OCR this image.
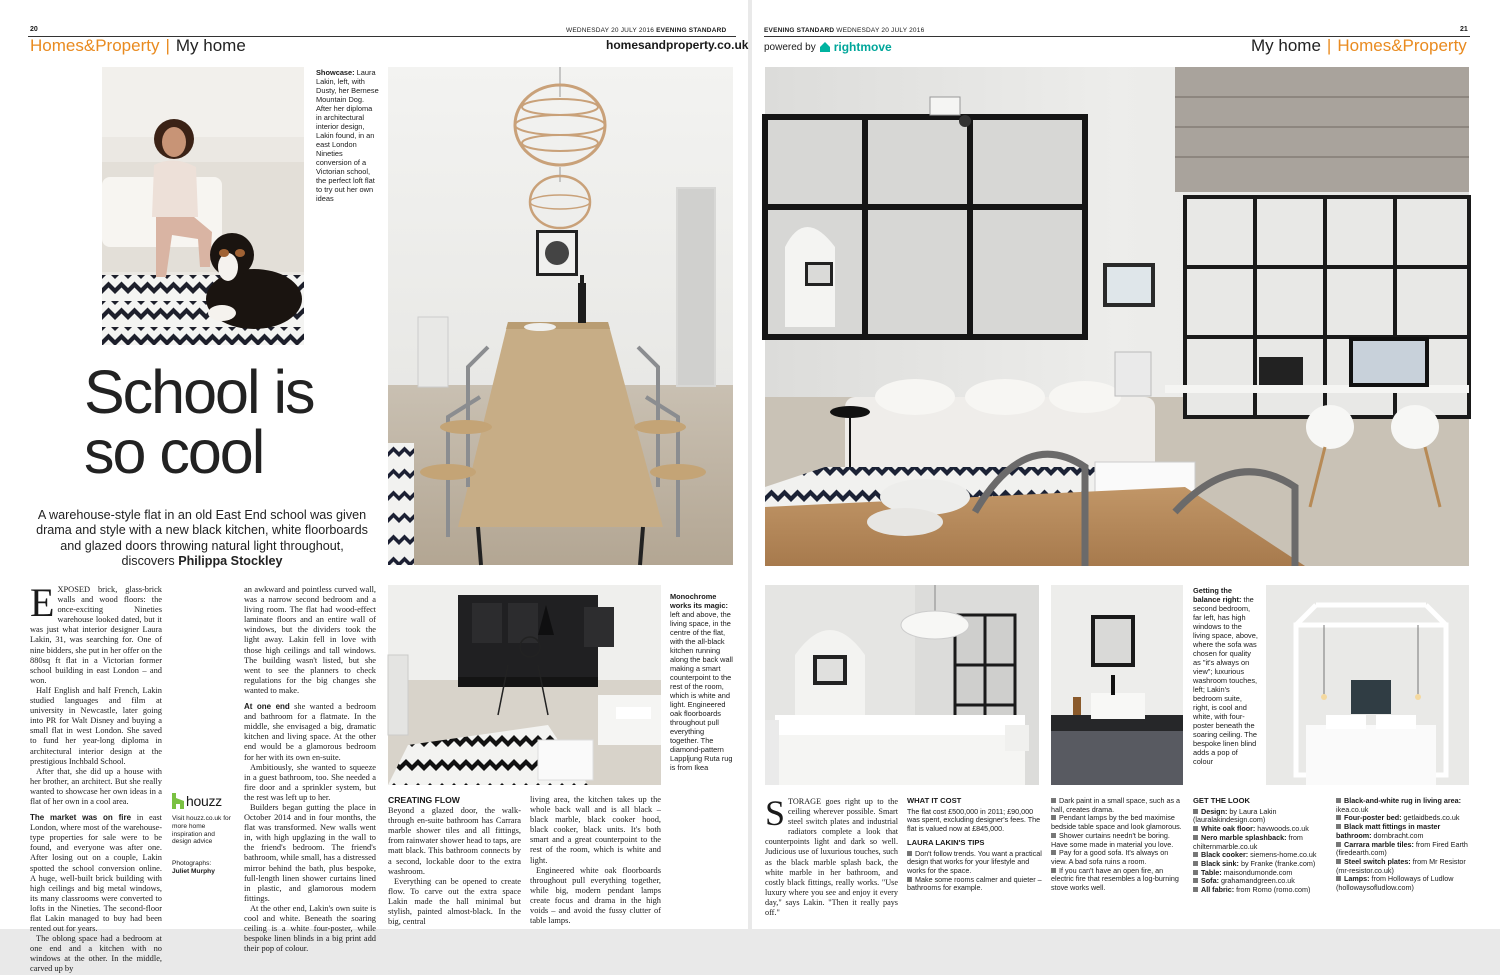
20	WEDNESDAY 20 JULY 2016 EVENING STANDARD
Homes&Property | My home	homesandproperty.co.uk
Showcase: Laura Lakin, left, with Dusty, her Bernese Mountain Dog. After her diploma in architectural interior design, Lakin found, in an east London Nineties conversion of a Victorian school, the perfect loft flat to try out her own ideas
School is
so cool
A warehouse-style flat in an old East End school was given drama and style with a new black kitchen, white floorboards and glazed doors throwing natural light throughout, discovers Philippa Stockley
EXPOSED brick, glass-brick walls and wood floors: the once-exciting Nineties warehouse looked dated, but it was just what interior designer Laura Lakin, 31, was searching for. One of nine bidders, she put in her offer on the 880sq ft flat in a Victorian former school building in east London – and won.

Half English and half French, Lakin studied languages and film at university in Newcastle, later going into PR for Walt Disney and buying a small flat in west London. She saved to fund her year-long diploma in architectural interior design at the prestigious Inchbald School.

After that, she did up a house with her brother, an architect. But she really wanted to showcase her own ideas in a flat of her own in a cool area.

The market was on fire in east London, where most of the warehouse-type properties for sale were to be found, and everyone was after one. After losing out on a couple, Lakin spotted the school conversion online. A huge, well-built brick building with high ceilings and big metal windows, its many classrooms were converted to lofts in the Nineties. The second-floor flat Lakin managed to buy had been rented out for years.

The oblong space had a bedroom at one end and a kitchen with no windows at the other. In the middle, carved up by

houzz
Visit houzz.co.uk for more home inspiration and design advice
Photographs:
Juliet Murphy

an awkward and pointless curved wall, was a narrow second bedroom and a living room. The flat had wood-effect laminate floors and an entire wall of windows, but the dividers took the light away. Lakin fell in love with those high ceilings and tall windows. The building wasn't listed, but she went to see the planners to check regulations for the big changes she wanted to make.

At one end she wanted a bedroom and bathroom for a flatmate. In the middle, she envisaged a big, dramatic kitchen and living space. At the other end would be a glamorous bedroom for her with its own en-suite.

Ambitiously, she wanted to squeeze in a guest bathroom, too. She needed a fire door and a sprinkler system, but the rest was left up to her.

Builders began gutting the place in October 2014 and in four months, the flat was transformed. New walls went in, with high upglazing in the wall to the friend's bedroom. The friend's bathroom, while small, has a distressed mirror behind the bath, plus bespoke, full-length linen shower curtains lined in plastic, and glamorous modern fittings.

At the other end, Lakin's own suite is cool and white. Beneath the soaring ceiling is a white four-poster, while bespoke linen blinds in a big print add their pop of colour.

Monochrome works its magic: left and above, the living space, in the centre of the flat, with the all-black kitchen running along the back wall making a smart counterpoint to the rest of the room, which is white and light. Engineered oak floorboards throughout pull everything together. The diamond-pattern Lappljung Ruta rug is from Ikea
CREATING FLOW

Beyond a glazed door, the walk-through en-suite bathroom has Carrara marble shower tiles and all fittings, from rainwater shower head to taps, are matt black. This bathroom connects by a second, lockable door to the extra washroom.

Everything can be opened to create flow. To carve out the extra space Lakin made the hall minimal but stylish, painted almost-black. In the big, central

living area, the kitchen takes up the whole back wall and is all black – black marble, black cooker hood, black cooker, black units. It's both smart and a great counterpoint to the rest of the room, which is white and light.

Engineered white oak floorboards throughout pull everything together, while big, modern pendant lamps create focus and drama in the high voids – and avoid the fussy clutter of table lamps.

EVENING STANDARD WEDNESDAY 20 JULY 2016	21
powered by rightmove	My home | Homes&Property
Getting the balance right: the second bedroom, far left, has high windows to the living space, above, where the sofa was chosen for quality as "it's always on view"; luxurious washroom touches, left; Lakin's bedroom suite, right, is cool and white, with four-poster beneath the soaring ceiling. The bespoke linen blind adds a pop of colour
STORAGE goes right up to the ceiling wherever possible. Smart steel switch plates and industrial radiators complete a look that counterpoints light and dark so well. Judicious use of luxurious touches, such as the black marble splash back, the white marble in her bathroom, and costly black fittings, really works. "Use luxury where you see and enjoy it every day," says Lakin. "Then it really pays off."
WHAT IT COST
The flat cost £500,000 in 2011; £90,000 was spent, excluding designer's fees. The flat is valued now at £845,000.
LAURA LAKIN'S TIPS
Don't follow trends. You want a practical design that works for your lifestyle and works for the space.
Make some rooms calmer and quieter – bathrooms for example.
Dark paint in a small space, such as a hall, creates drama.
Pendant lamps by the bed maximise bedside table space and look glamorous.
Shower curtains needn't be boring. Have some made in material you love.
Pay for a good sofa. It's always on view. A bad sofa ruins a room.
If you can't have an open fire, an electric fire that resembles a log-burning stove works well.
GET THE LOOK
Design: by Laura Lakin (lauralakindesign.com)
White oak floor: havwoods.co.uk
Nero marble splashback: from chilternmarble.co.uk
Black cooker: siemens-home.co.uk
Black sink: by Franke (franke.com)
Table: maisondumonde.com
Sofa: grahamandgreen.co.uk
All fabric: from Romo (romo.com)
Black-and-white rug in living area: ikea.co.uk
Four-poster bed: getlaidbeds.co.uk
Black matt fittings in master bathroom: dornbracht.com
Carrara marble tiles: from Fired Earth (firedearth.com)
Steel switch plates: from Mr Resistor (mr-resistor.co.uk)
Lamps: from Holloways of Ludlow (hollowaysofludlow.com)
